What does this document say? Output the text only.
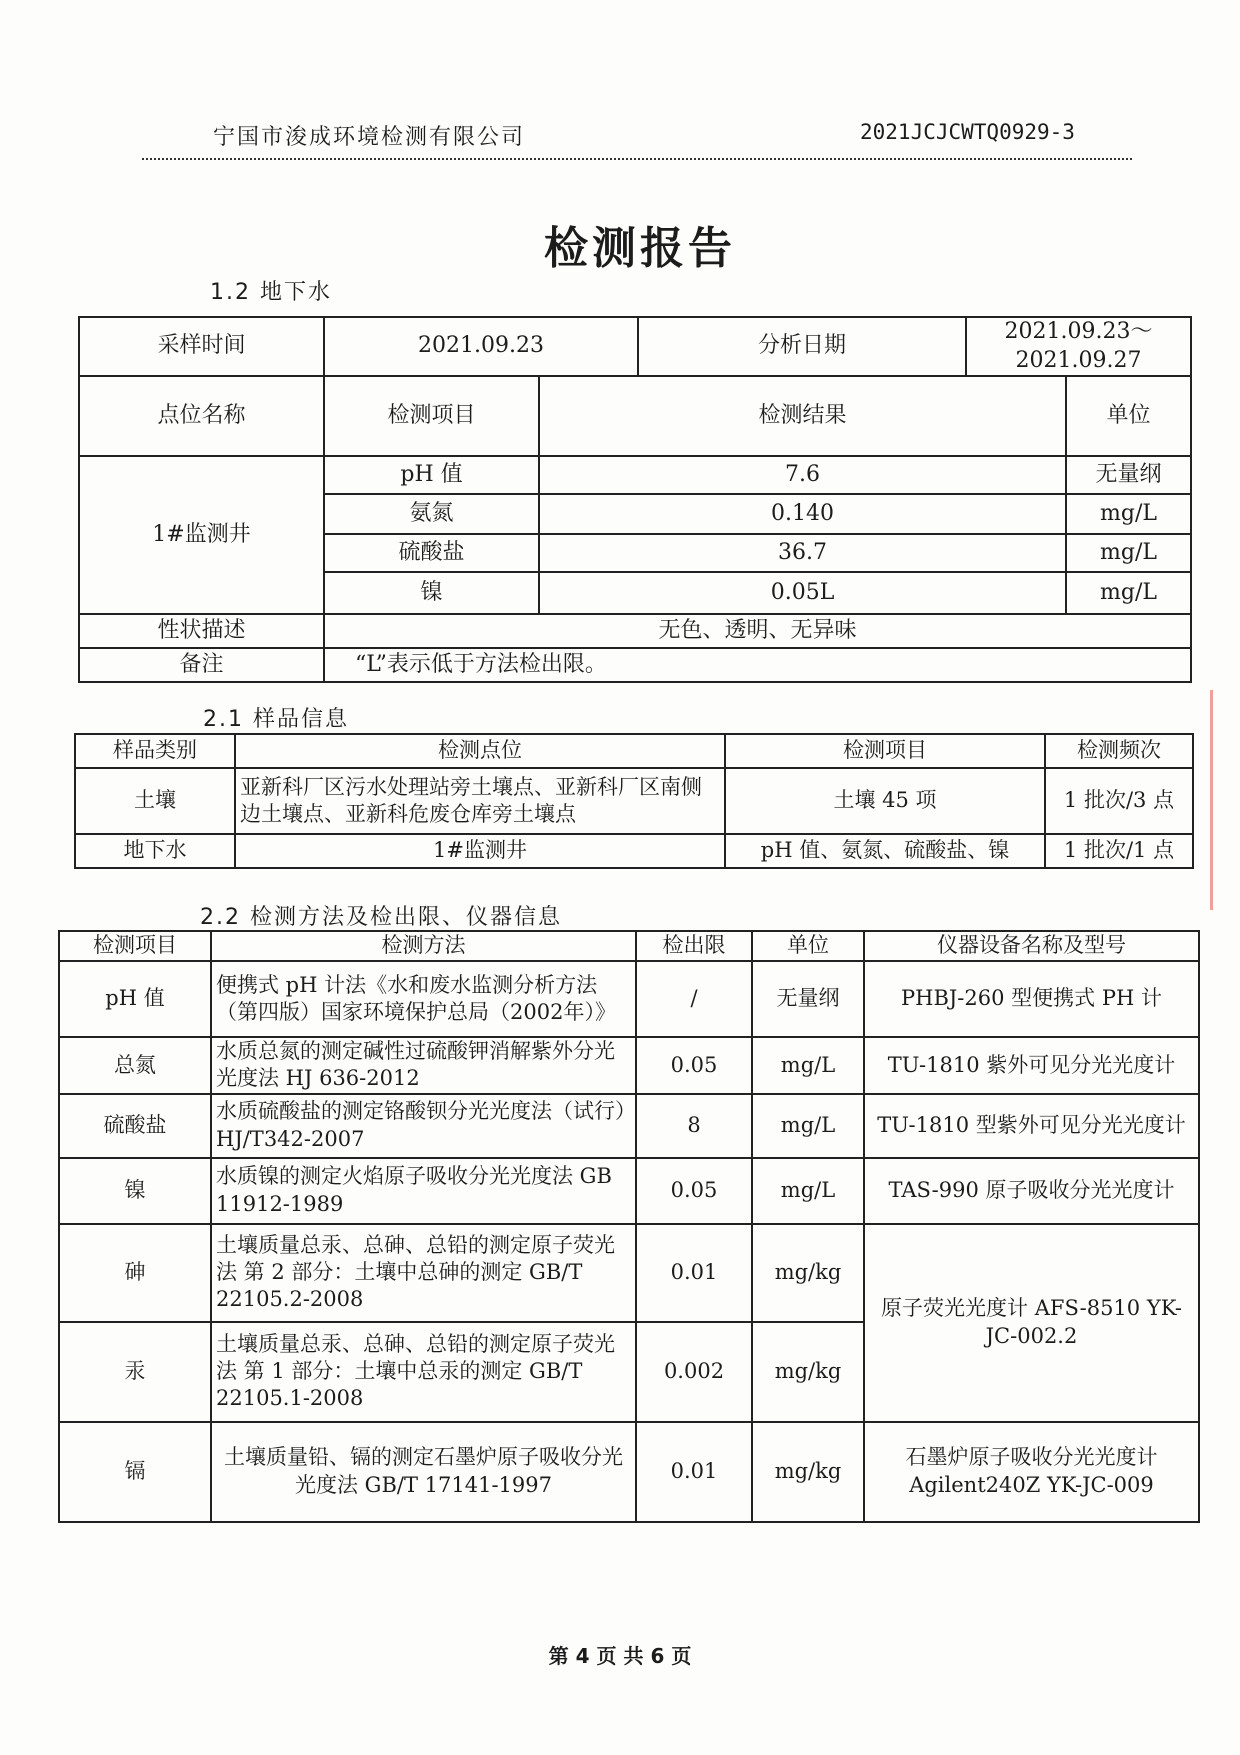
宁国市浚成环境检测有限公司	2021JCJCWTQ0929-3
检测报告
1.2 地下水
采样时间	2021.09.23		分析日期	2021.09.23～2021.09.27	
点位名称	检测项目	检测结果			单位
1#监测井	pH 值	7.6			无量纲
	氨氮	0.140			mg/L
	硫酸盐	36.7			mg/L
	镍	0.05L			mg/L
性状描述	无色、透明、无异味				
备注	“L”表示低于方法检出限。				
2.1 样品信息
样品类别	检测点位	检测项目	检测频次
土壤	亚新科厂区污水处理站旁土壤点、亚新科厂区南侧边土壤点、亚新科危废仓库旁土壤点	土壤 45 项	1 批次/3 点
地下水	1#监测井	pH 值、氨氮、硫酸盐、镍	1 批次/1 点
2.2 检测方法及检出限、仪器信息
检测项目	检测方法	检出限	单位	仪器设备名称及型号
pH 值	便携式 pH 计法《水和废水监测分析方法（第四版）国家环境保护总局（2002年）》	/	无量纲	PHBJ-260 型便携式 PH 计
总氮	水质总氮的测定碱性过硫酸钾消解紫外分光光度法 HJ 636-2012	0.05	mg/L	TU-1810 紫外可见分光光度计
硫酸盐	水质硫酸盐的测定铬酸钡分光光度法（试行）HJ/T342-2007	8	mg/L	TU-1810 型紫外可见分光光度计
镍	水质镍的测定火焰原子吸收分光光度法 GB 11912-1989	0.05	mg/L	TAS-990 原子吸收分光光度计
砷	土壤质量总汞、总砷、总铅的测定原子荧光法 第 2 部分：土壤中总砷的测定 GB/T 22105.2-2008	0.01	mg/kg	原子荧光光度计 AFS-8510 YK-JC-002.2
汞	土壤质量总汞、总砷、总铅的测定原子荧光法 第 1 部分：土壤中总汞的测定 GB/T 22105.1-2008	0.002	mg/kg	
镉	土壤质量铅、镉的测定石墨炉原子吸收分光光度法 GB/T 17141-1997	0.01	mg/kg	石墨炉原子吸收分光光度计 Agilent240Z YK-JC-009
第 4 页 共 6 页
